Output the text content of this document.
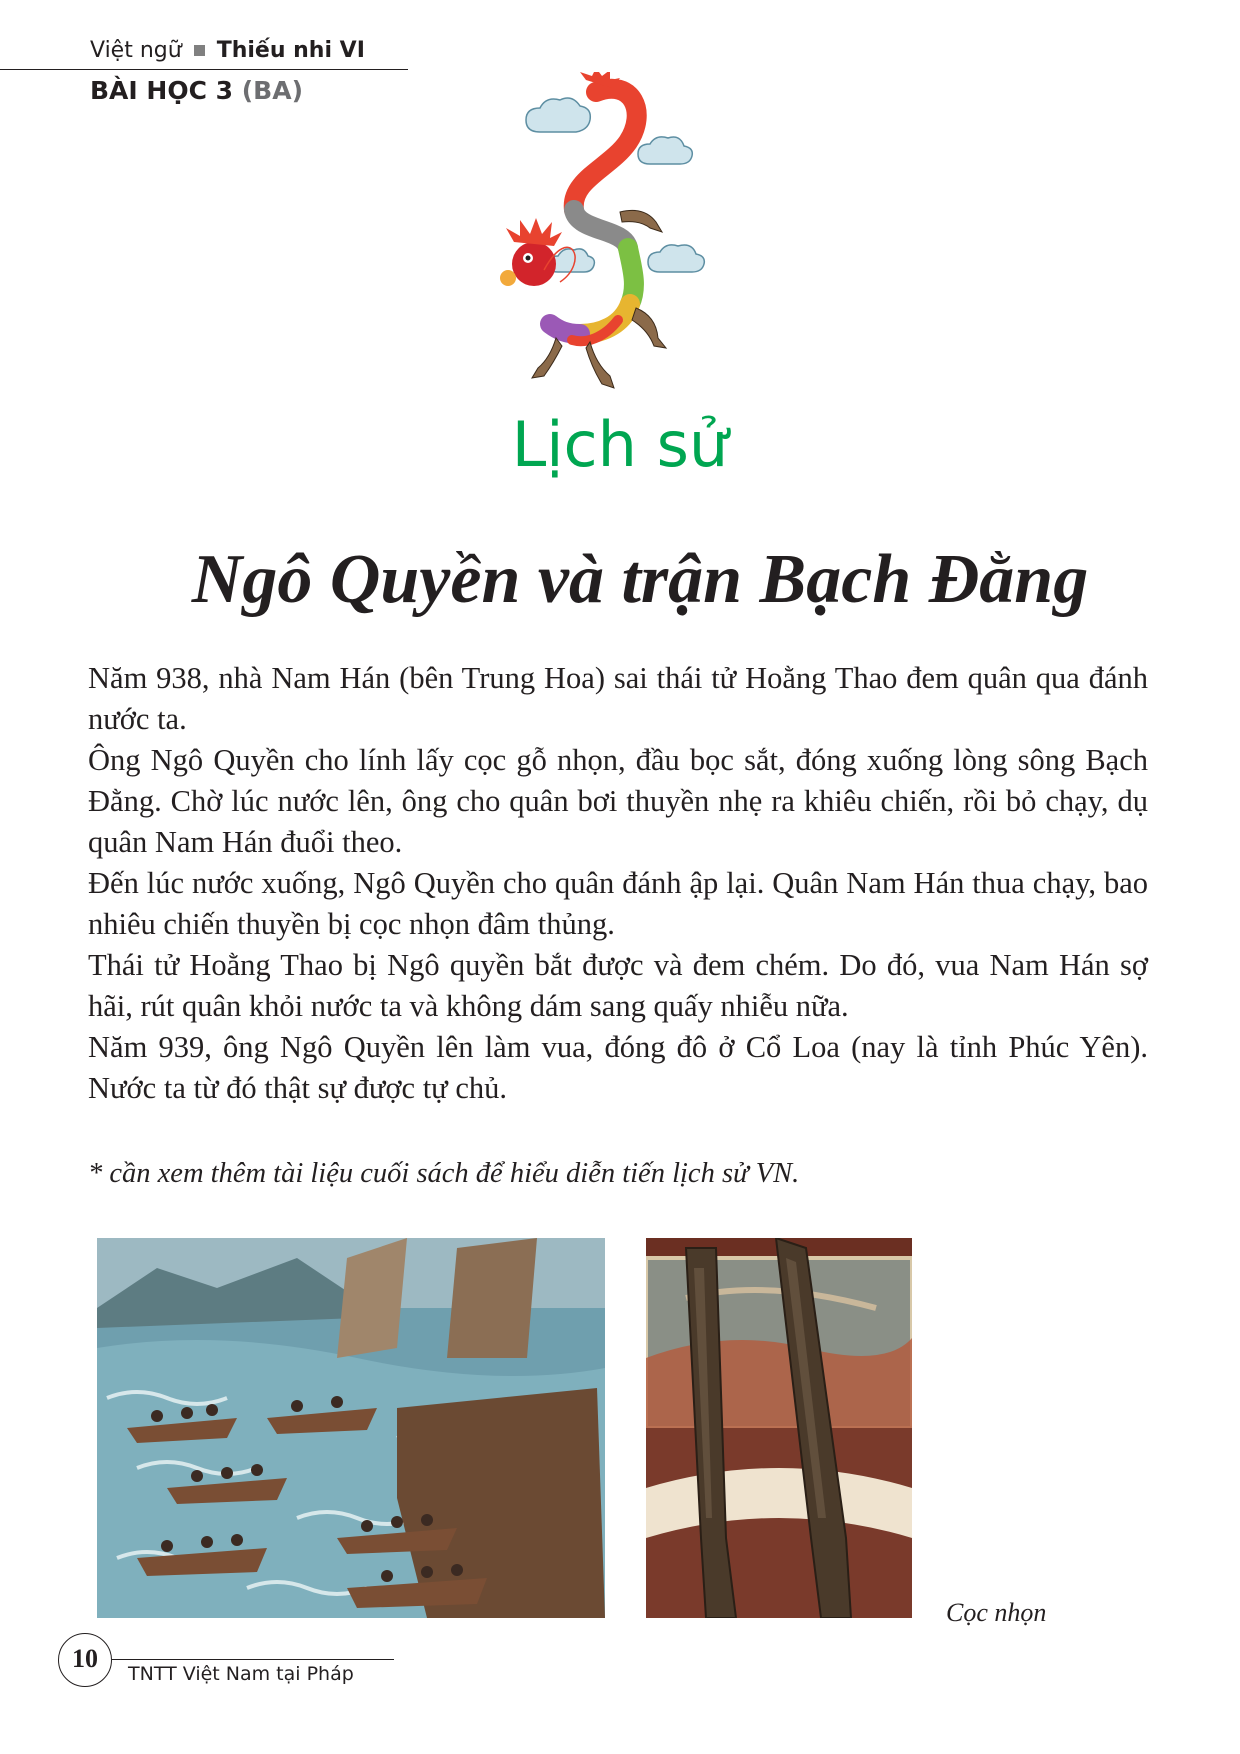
Việt ngữ Thiếu nhi VI
BÀI HỌC 3 (BA)
Lịch sử
Ngô Quyền và trận Bạch Đằng

Năm 938, nhà Nam Hán (bên Trung Hoa) sai thái tử Hoằng Thao đem quân qua đánh nước ta.

Ông Ngô Quyền cho lính lấy cọc gỗ nhọn, đầu bọc sắt, đóng xuống lòng sông Bạch Đằng. Chờ lúc nước lên, ông cho quân bơi thuyền nhẹ ra khiêu chiến, rồi bỏ chạy, dụ quân Nam Hán đuổi theo.

Đến lúc nước xuống, Ngô Quyền cho quân đánh ập lại. Quân Nam Hán thua chạy, bao nhiêu chiến thuyền bị cọc nhọn đâm thủng.

Thái tử Hoằng Thao bị Ngô quyền bắt được và đem chém. Do đó, vua Nam Hán sợ hãi, rút quân khỏi nước ta và không dám sang quấy nhiễu nữa.

Năm 939, ông Ngô Quyền lên làm vua, đóng đô ở Cổ Loa (nay là tỉnh Phúc Yên). Nước ta từ đó thật sự được tự chủ.

* cần xem thêm tài liệu cuối sách để hiểu diễn tiến lịch sử VN.
Cọc nhọn
10
TNTT Việt Nam tại Pháp
